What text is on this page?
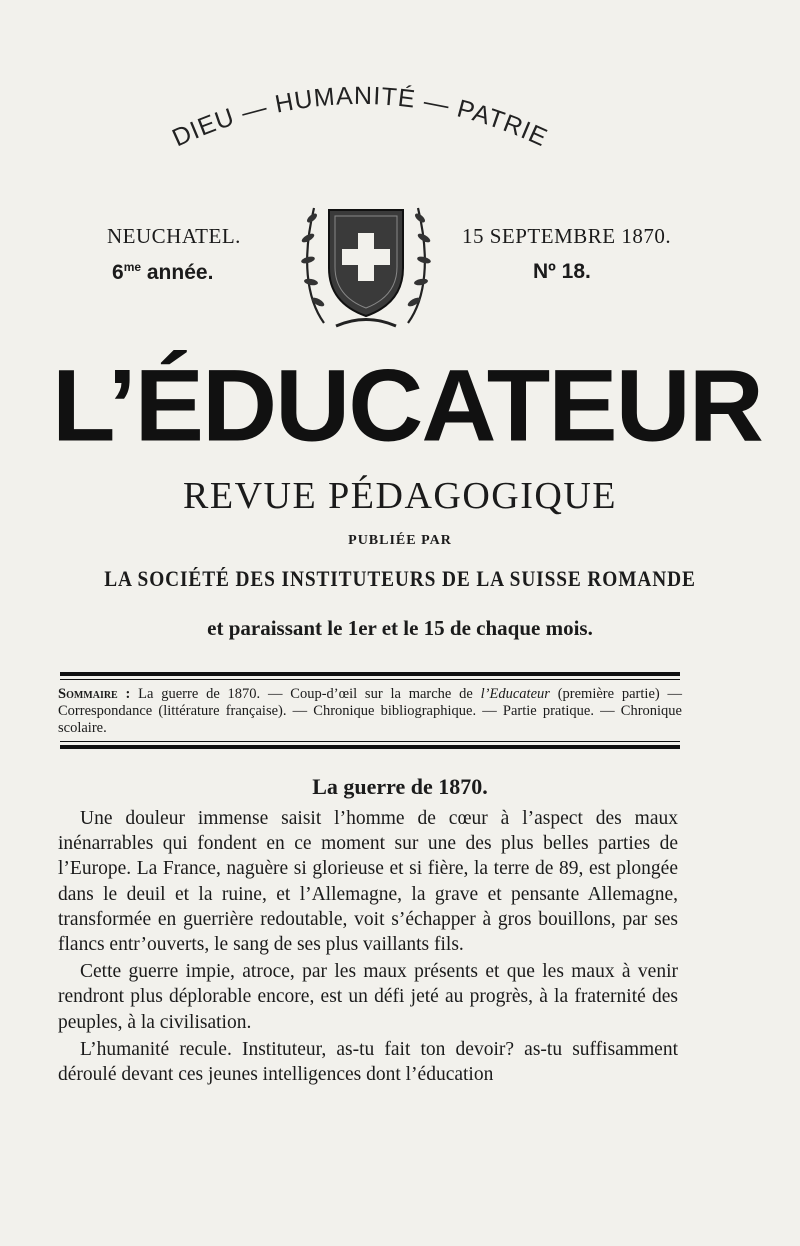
DIEU — HUMANITÉ — PATRIE
NEUCHATEL.	15 SEPTEMBRE 1870.
$6^{me}$ année.	Nº 18.
L’ÉDUCATEUR
REVUE PÉDAGOGIQUE
PUBLIÉE PAR
LA SOCIÉTÉ DES INSTITUTEURS DE LA SUISSE ROMANDE
et paraissant le 1er et le 15 de chaque mois.
Sommaire : La guerre de 1870. — Coup-d’œil sur la marche de l’Educateur (première partie) — Correspondance (littérature française). — Chronique bibliographique. — Partie pratique. — Chronique scolaire.
La guerre de 1870.

Une douleur immense saisit l’homme de cœur à l’aspect des maux inénarrables qui fondent en ce moment sur une des plus belles parties de l’Europe. La France, naguère si glorieuse et si fière, la terre de 89, est plongée dans le deuil et la ruine, et l’Allemagne, la grave et pensante Allemagne, transformée en guerrière redoutable, voit s’échapper à gros bouillons, par ses flancs entr’ouverts, le sang de ses plus vaillants fils.

Cette guerre impie, atroce, par les maux présents et que les maux à venir rendront plus déplorable encore, est un défi jeté au progrès, à la fraternité des peuples, à la civilisation.

L’humanité recule. Instituteur, as-tu fait ton devoir? as-tu suffisamment déroulé devant ces jeunes intelligences dont l’éducation
